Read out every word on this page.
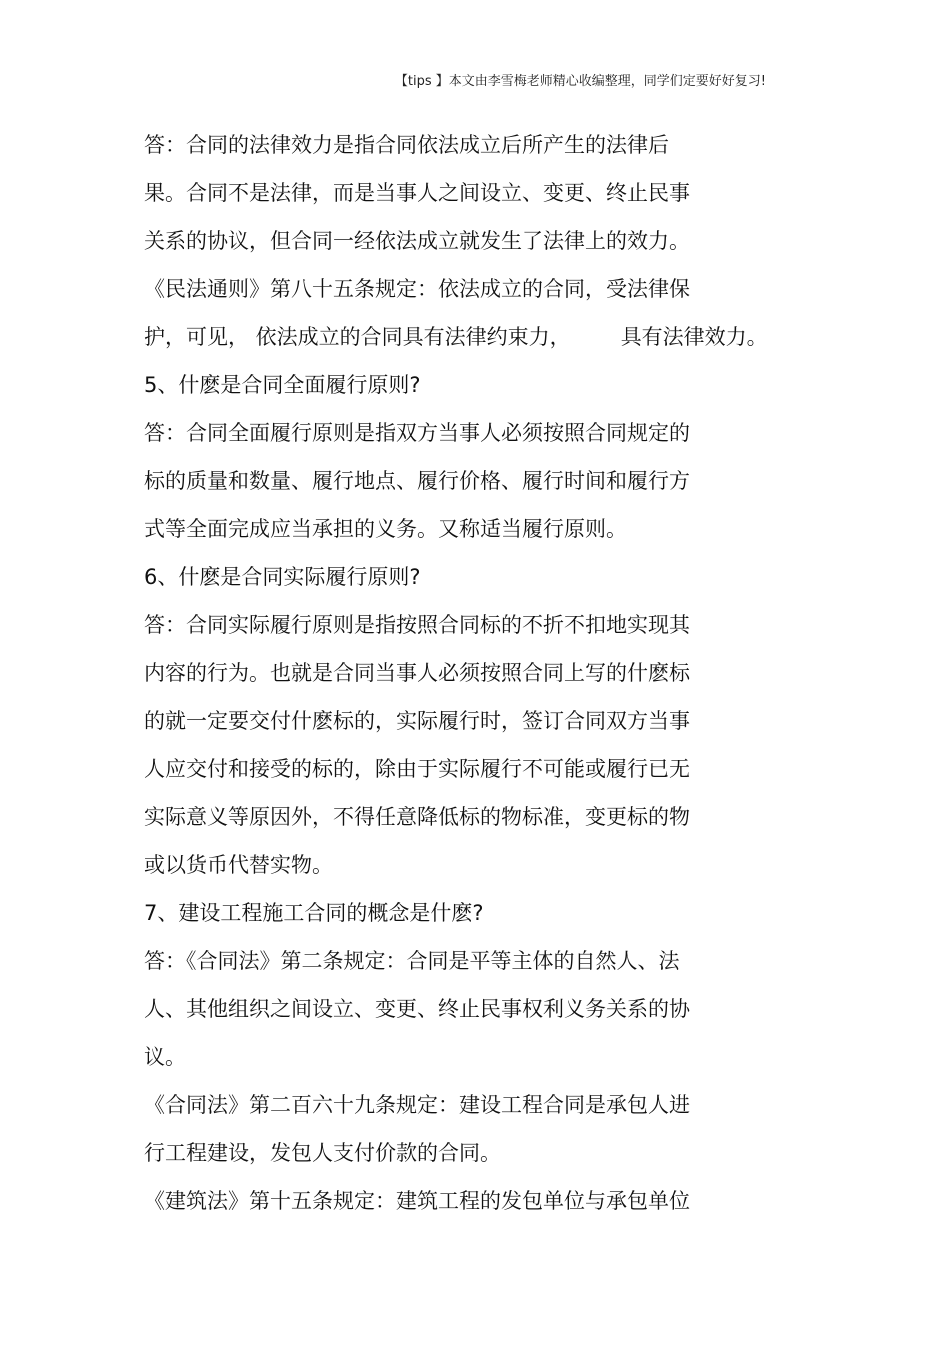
【tips 】本文由李雪梅老师精心收编整理，同学们定要好好复习!
答：合同的法律效力是指合同依法成立后所产生的法律后
果。合同不是法律，而是当事人之间设立、变更、终止民事
关系的协议，但合同一经依法成立就发生了法律上的效力。
《民法通则》第八十五条规定：依法成立的合同，受法律保
护，可见， 依法成立的合同具有法律约束力， 具有法律效力。
5、什麽是合同全面履行原则?
答：合同全面履行原则是指双方当事人必须按照合同规定的
标的质量和数量、履行地点、履行价格、履行时间和履行方
式等全面完成应当承担的义务。又称适当履行原则。
6、什麽是合同实际履行原则?
答：合同实际履行原则是指按照合同标的不折不扣地实现其
内容的行为。也就是合同当事人必须按照合同上写的什麽标
的就一定要交付什麽标的，实际履行时，签订合同双方当事
人应交付和接受的标的，除由于实际履行不可能或履行已无
实际意义等原因外，不得任意降低标的物标准，变更标的物
或以货币代替实物。
7、建设工程施工合同的概念是什麽?
答：《合同法》第二条规定：合同是平等主体的自然人、法
人、其他组织之间设立、变更、终止民事权利义务关系的协
议。
《合同法》第二百六十九条规定：建设工程合同是承包人进
行工程建设，发包人支付价款的合同。
《建筑法》第十五条规定：建筑工程的发包单位与承包单位
